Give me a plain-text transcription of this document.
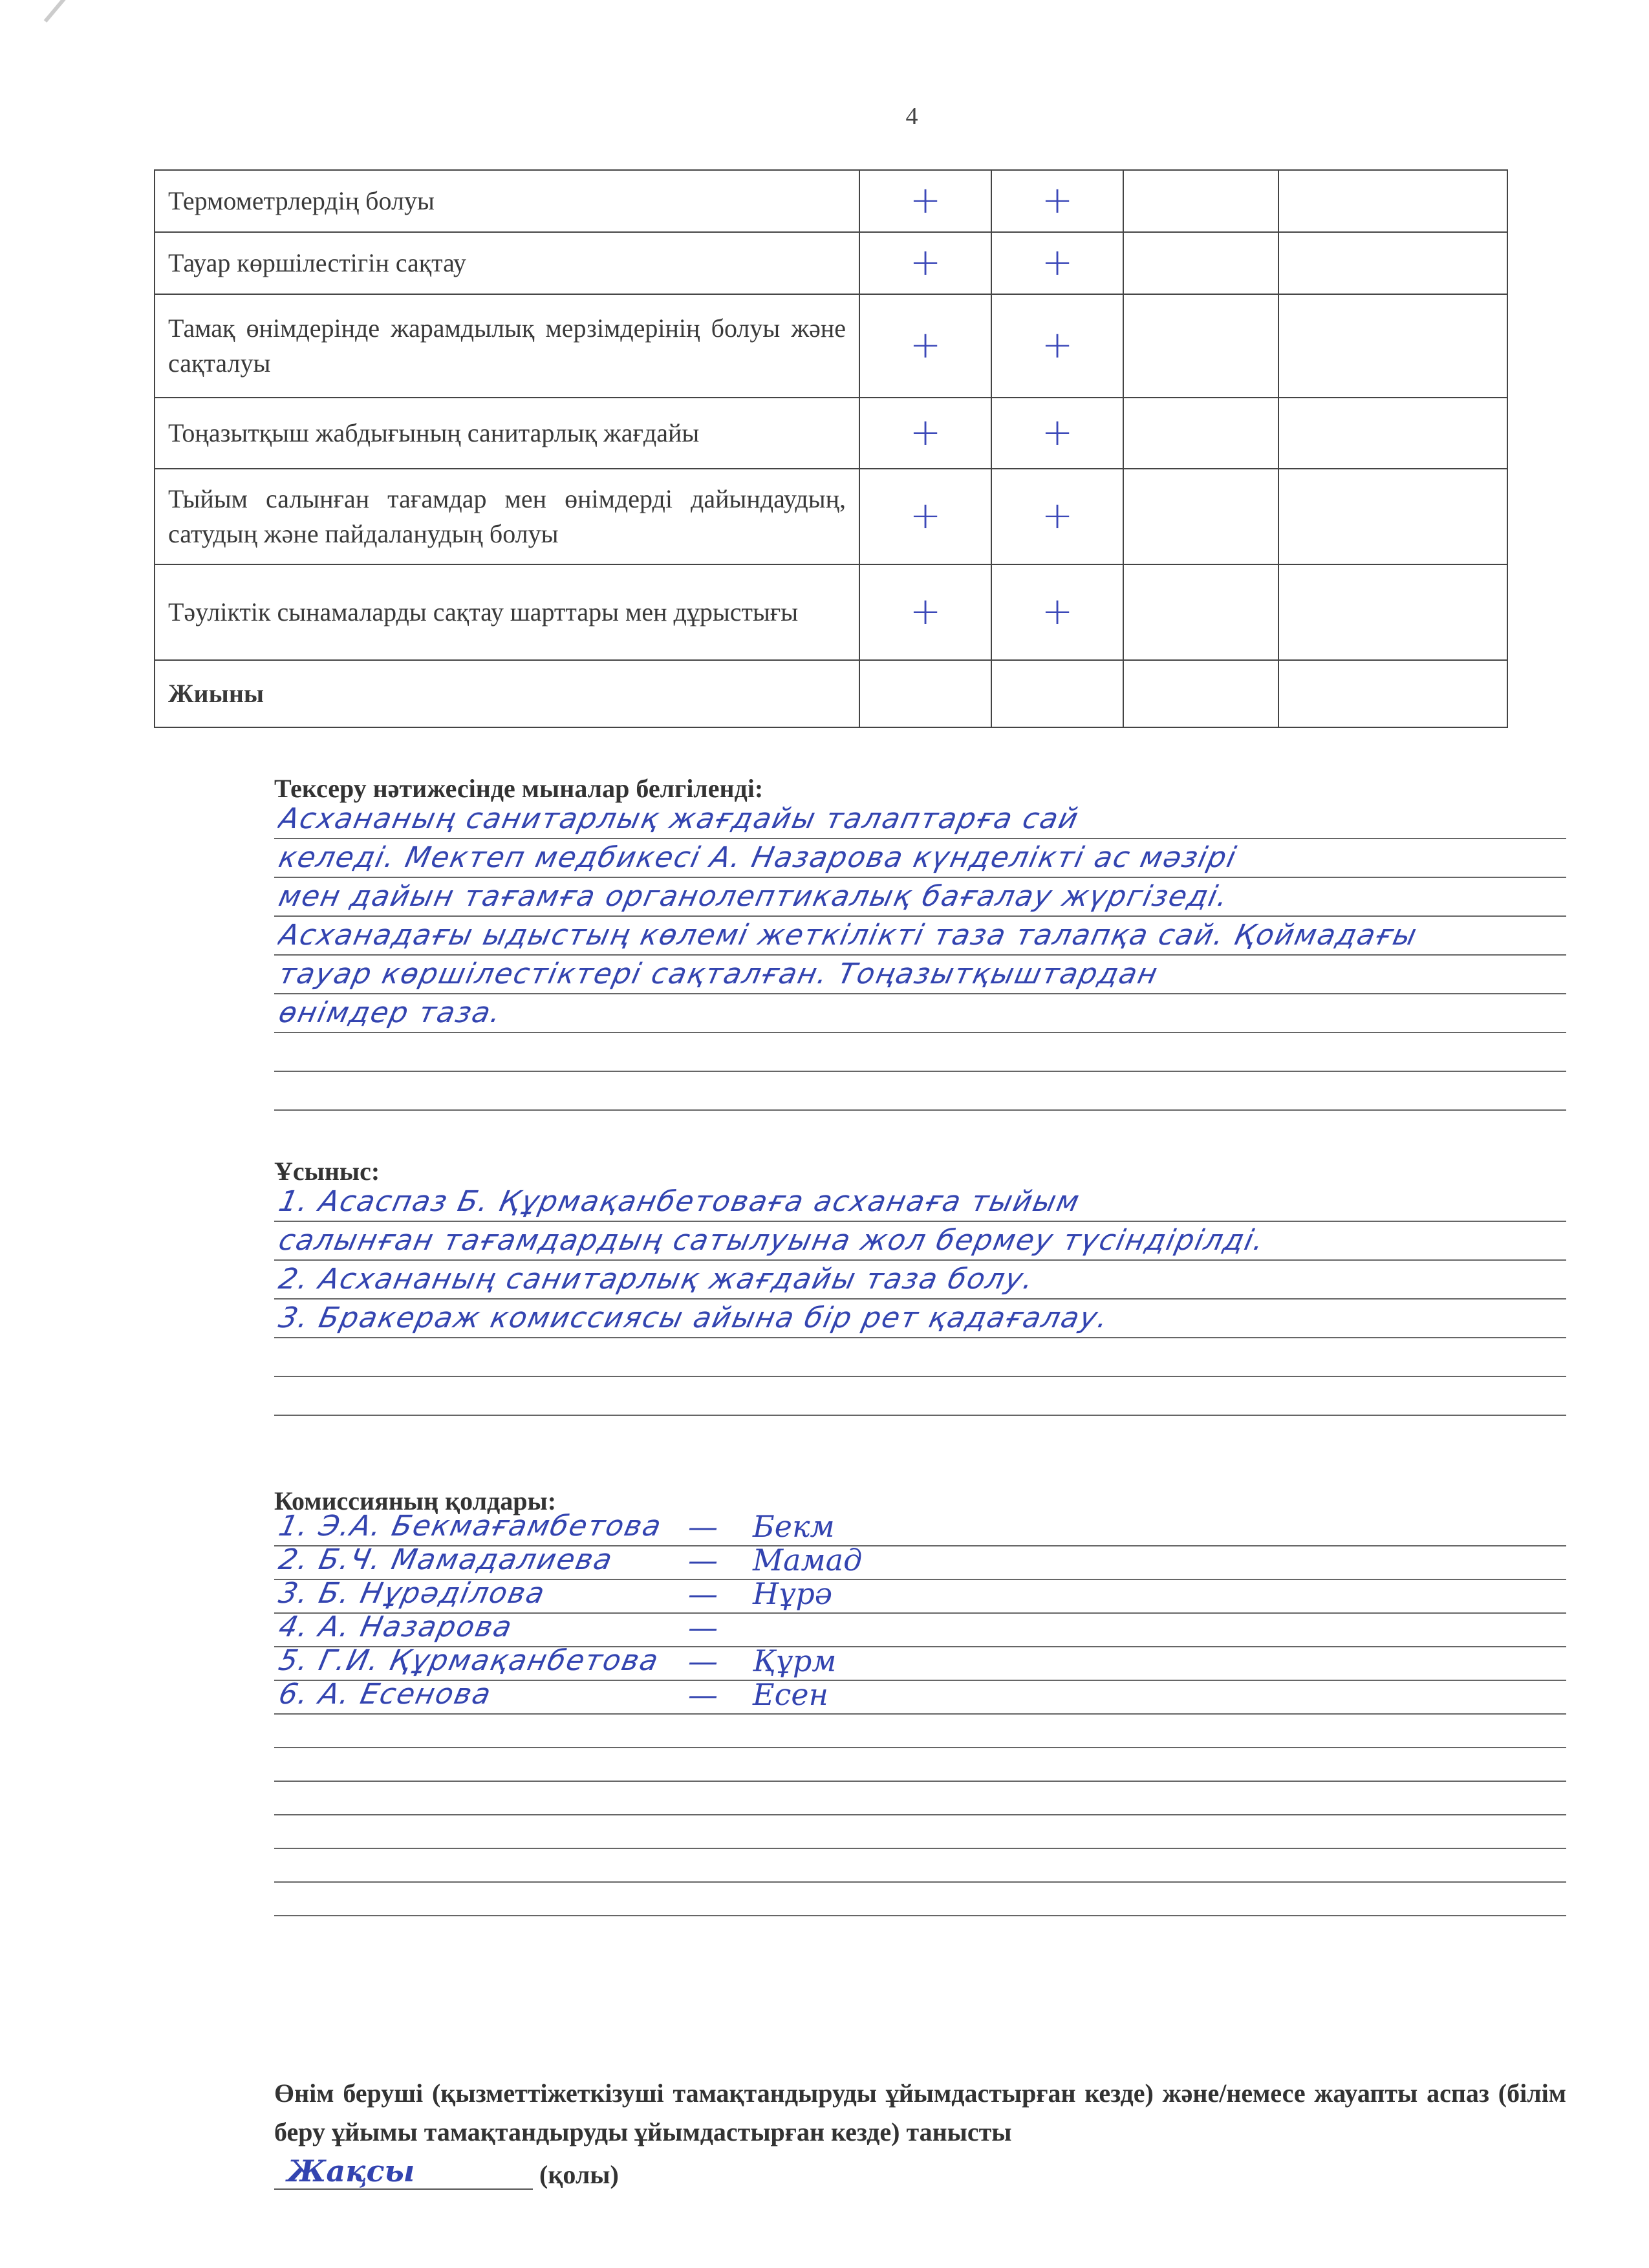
4
Термометрлердің болуы	+	+		
Тауар көршілестігін сақтау	+	+		
Тамақ өнімдерінде жарамдылық мерзімдерінің болуы және сақталуы	+	+		
Тоңазытқыш жабдығының санитарлық жағдайы	+	+		
Тыйым салынған тағамдар мен өнімдерді дайындаудың, сатудың және пайдаланудың болуы	+	+		
Тәуліктік сынамаларды сақтау шарттары мен дұрыстығы	+	+		
Жиыны				
Тексеру нәтижесінде мыналар белгіленді:
Асхананың санитарлық жағдайы талаптарға сай
келеді. Мектеп медбикесі А. Назарова күнделікті ас мәзірі
мен дайын тағамға органолептикалық бағалау жүргізеді.
Асханадағы ыдыстың көлемі жеткілікті таза талапқа сай. Қоймадағы
тауар көршілестіктері сақталған. Тоңазытқыштардан
өнімдер таза.
Ұсыныс:
1. Асаспаз Б. Құрмақанбетоваға асханаға тыйым
салынған тағамдардың сатылуына жол бермеу түсіндірілді.
2. Асхананың санитарлық жағдайы таза болу.
3. Бракераж комиссиясы айына бір рет қадағалау.
Комиссияның қолдары:
1. Э.А. Бекмағамбетова — Бекм
2. Б.Ч. Мамадалиева — Мамад
3. Б. Нұрәділова	— Нұрә
4. А. Назарова	—
5. Г.И. Құрмақанбетова — Құрм
6. А. Есенова	— Есен
Өнім беруші (қызметтіжеткізуші тамақтандыруды ұйымдастырған кезде) және/немесе жауапты аспаз (білім беру ұйымы тамақтандыруды ұйымдастырған кезде) танысты
Жақсы	(қолы)
